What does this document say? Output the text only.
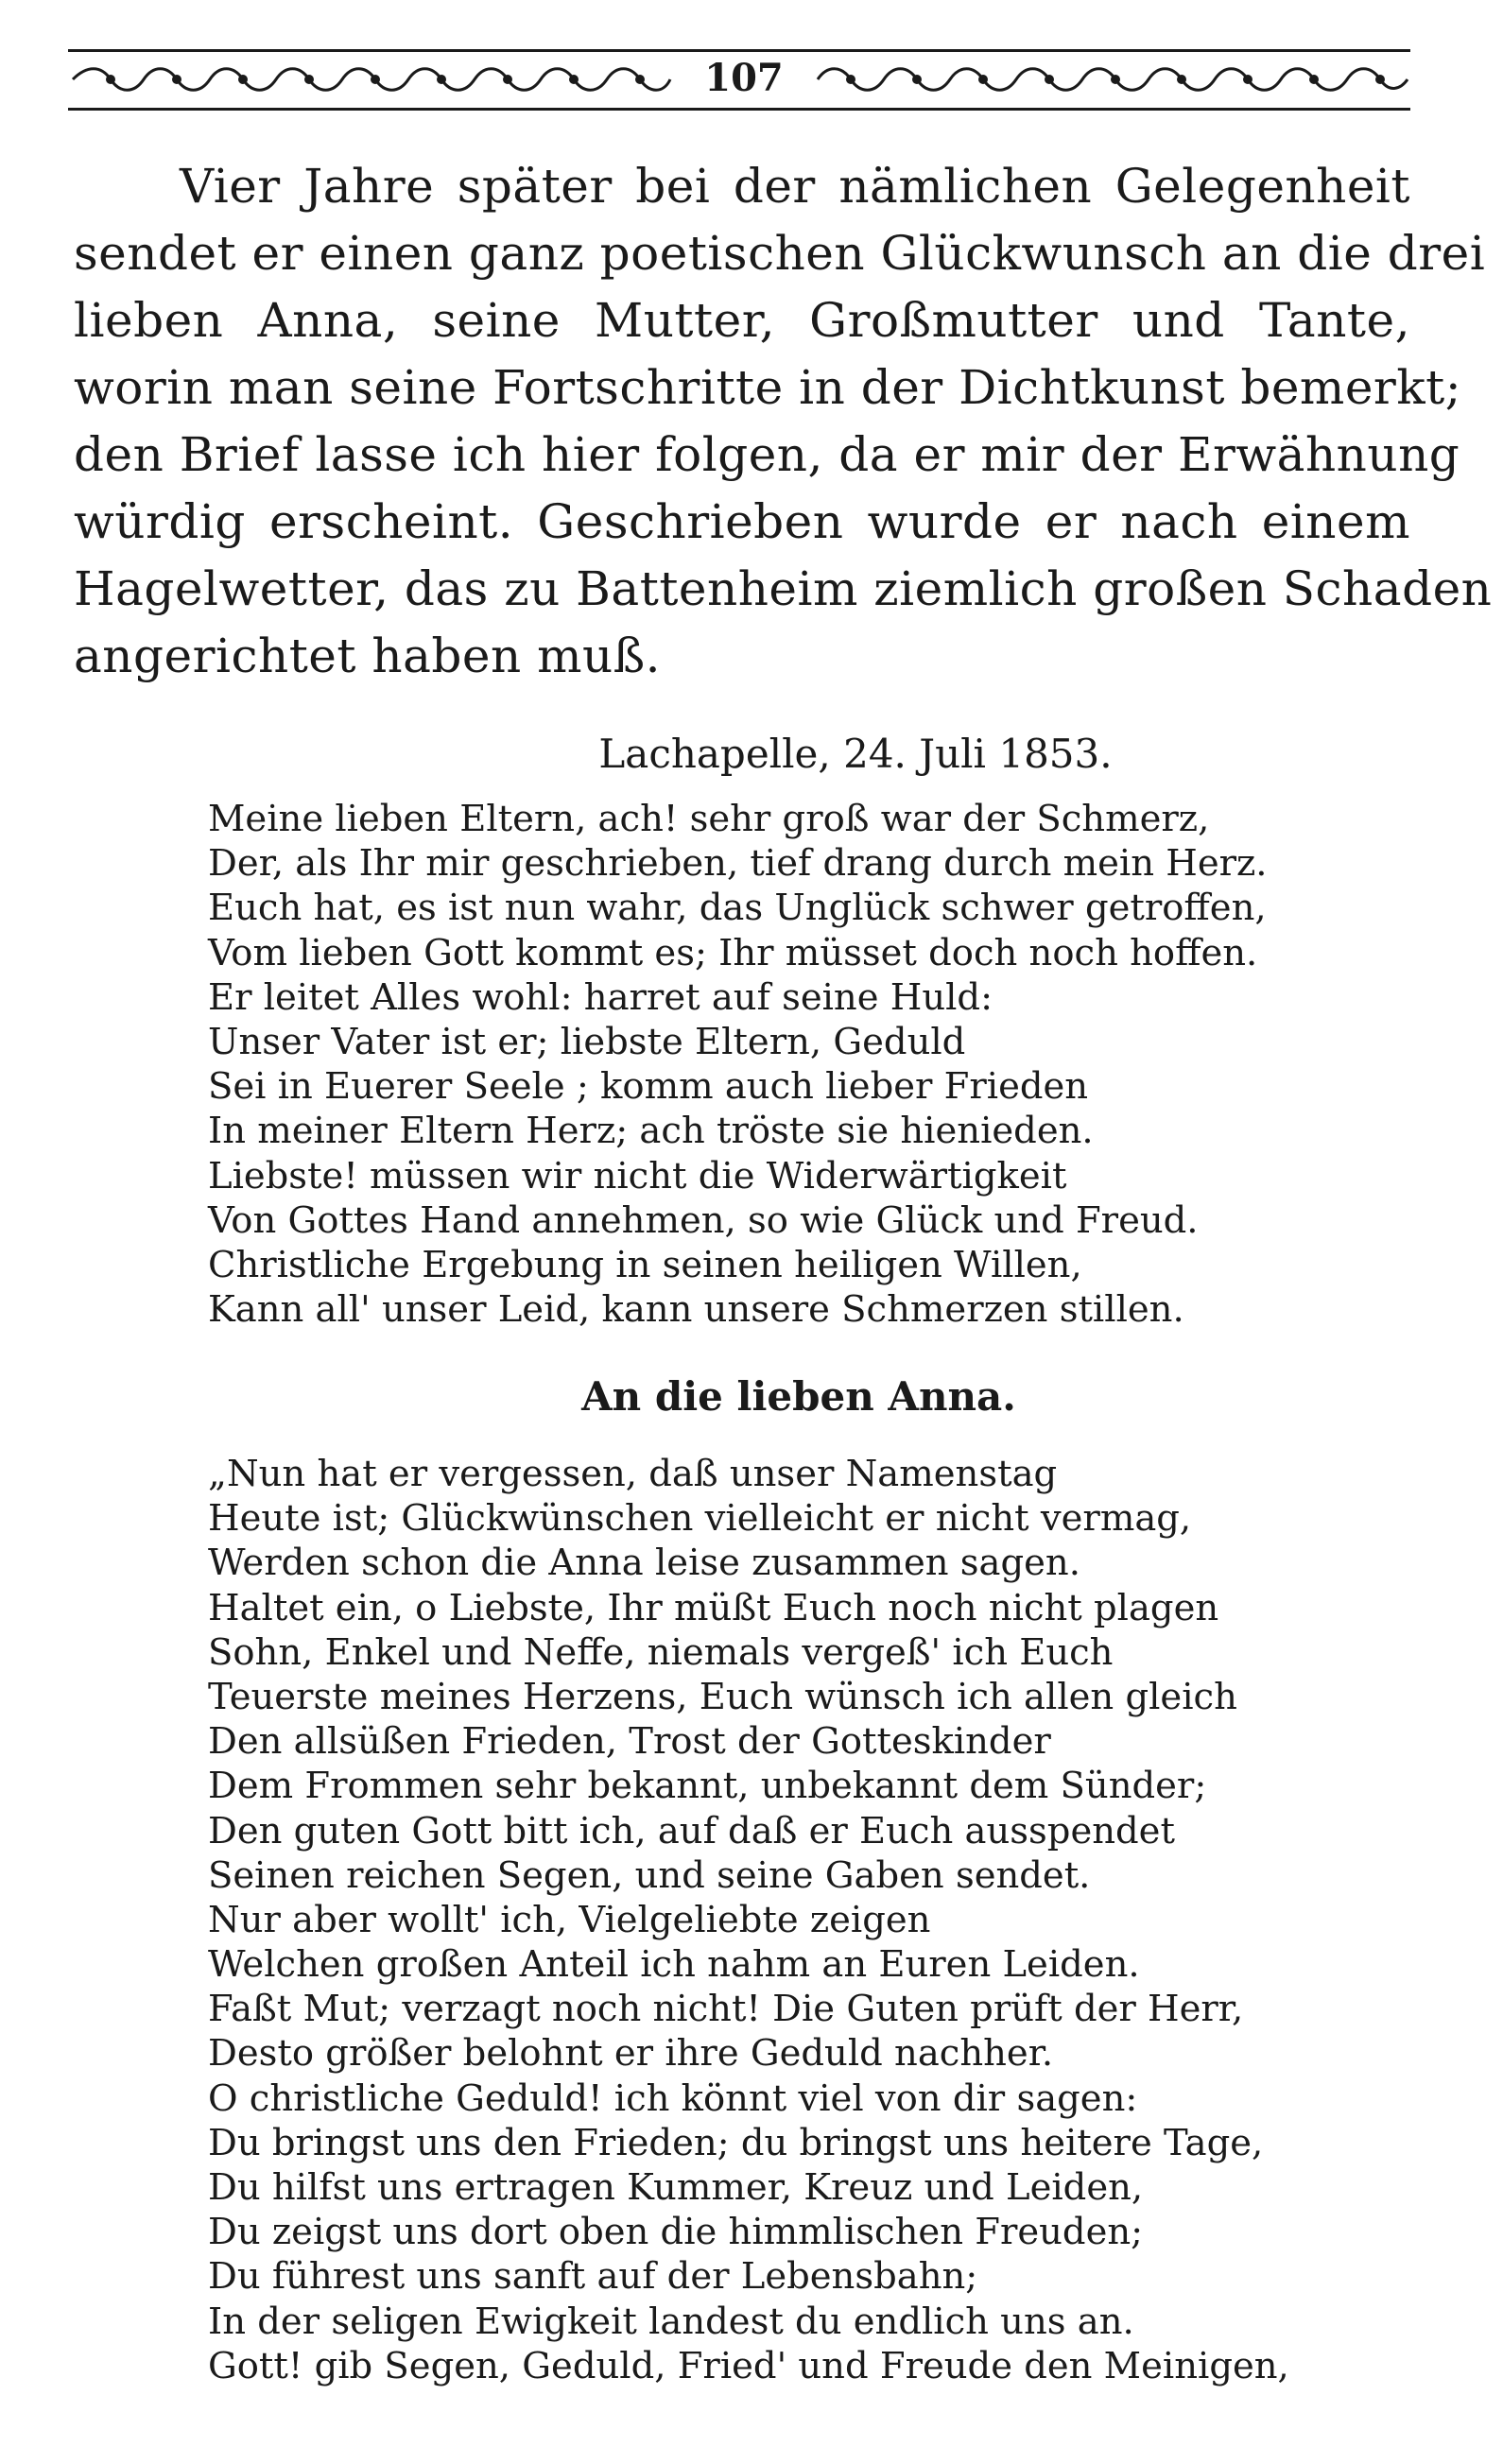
107
Vier Jahre später bei der nämlichen Gelegenheit
sendet er einen ganz poetischen Glückwunsch an die drei
lieben Anna, seine Mutter, Großmutter und Tante,
worin man seine Fortschritte in der Dichtkunst bemerkt;
den Brief lasse ich hier folgen, da er mir der Erwähnung
würdig erscheint. Geschrieben wurde er nach einem
Hagelwetter, das zu Battenheim ziemlich großen Schaden
angerichtet haben muß.
Lachapelle, 24. Juli 1853.
Meine lieben Eltern, ach! sehr groß war der Schmerz,
Der, als Ihr mir geschrieben, tief drang durch mein Herz.
Euch hat, es ist nun wahr, das Unglück schwer getroffen,
Vom lieben Gott kommt es; Ihr müsset doch noch hoffen.
Er leitet Alles wohl: harret auf seine Huld:
Unser Vater ist er; liebste Eltern, Geduld
Sei in Euerer Seele ; komm auch lieber Frieden
In meiner Eltern Herz; ach tröste sie hienieden.
Liebste! müssen wir nicht die Widerwärtigkeit
Von Gottes Hand annehmen, so wie Glück und Freud.
Christliche Ergebung in seinen heiligen Willen,
Kann all' unser Leid, kann unsere Schmerzen stillen.
An die lieben Anna.
„Nun hat er vergessen, daß unser Namenstag
Heute ist; Glückwünschen vielleicht er nicht vermag,
Werden schon die Anna leise zusammen sagen.
Haltet ein, o Liebste, Ihr müßt Euch noch nicht plagen
Sohn, Enkel und Neffe, niemals vergeß' ich Euch
Teuerste meines Herzens, Euch wünsch ich allen gleich
Den allsüßen Frieden, Trost der Gotteskinder
Dem Frommen sehr bekannt, unbekannt dem Sünder;
Den guten Gott bitt ich, auf daß er Euch ausspendet
Seinen reichen Segen, und seine Gaben sendet.
Nur aber wollt' ich, Vielgeliebte zeigen
Welchen großen Anteil ich nahm an Euren Leiden.
Faßt Mut; verzagt noch nicht! Die Guten prüft der Herr,
Desto größer belohnt er ihre Geduld nachher.
O christliche Geduld! ich könnt viel von dir sagen:
Du bringst uns den Frieden; du bringst uns heitere Tage,
Du hilfst uns ertragen Kummer, Kreuz und Leiden,
Du zeigst uns dort oben die himmlischen Freuden;
Du führest uns sanft auf der Lebensbahn;
In der seligen Ewigkeit landest du endlich uns an.
Gott! gib Segen, Geduld, Fried' und Freude den Meinigen,
